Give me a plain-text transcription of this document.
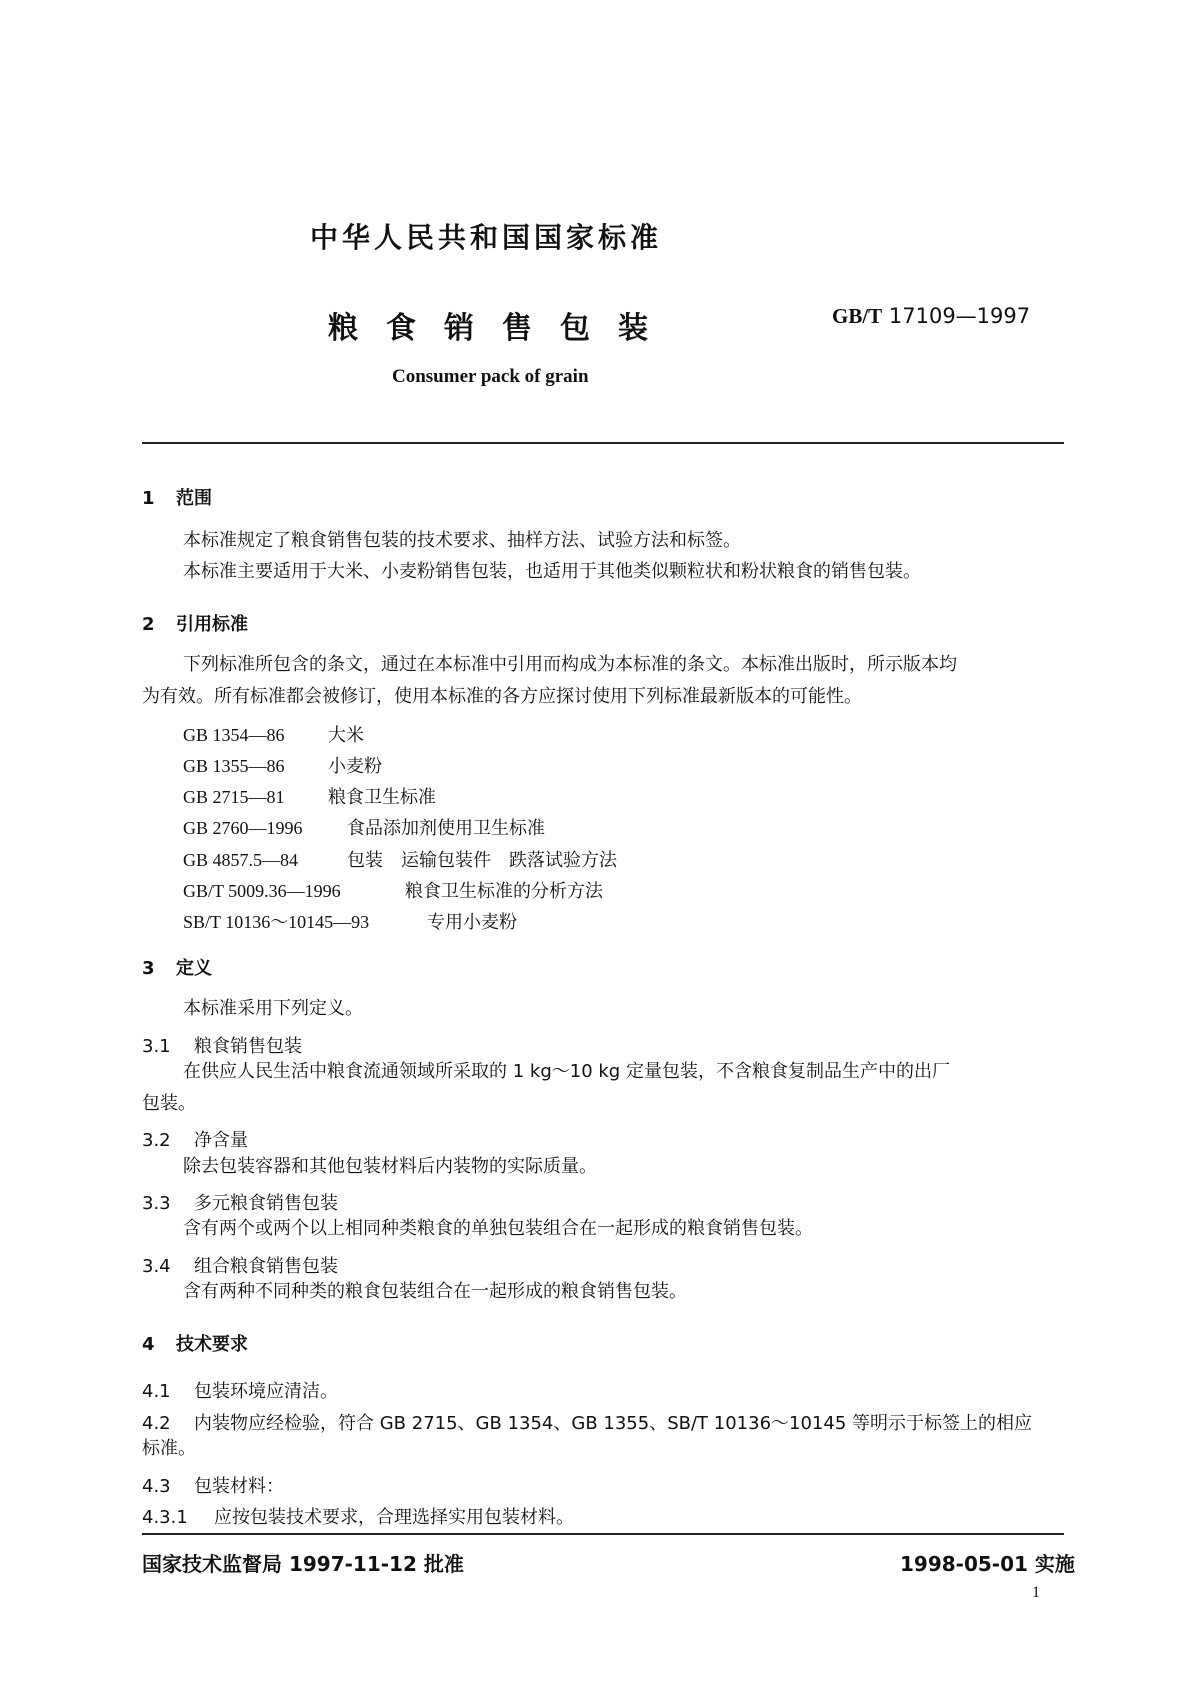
中华人民共和国国家标准
粮食销售包装	GB/T 17109—1997
Consumer pack of grain
1 范围
本标准规定了粮食销售包装的技术要求、抽样方法、试验方法和标签。
本标准主要适用于大米、小麦粉销售包装，也适用于其他类似颗粒状和粉状粮食的销售包装。
2 引用标准
下列标准所包含的条文，通过在本标准中引用而构成为本标准的条文。本标准出版时，所示版本均
为有效。所有标准都会被修订，使用本标准的各方应探讨使用下列标准最新版本的可能性。
GB 1354—86 大米
GB 1355—86 小麦粉
GB 2715—81 粮食卫生标准
GB 2760—1996 食品添加剂使用卫生标准
GB 4857.5—84	包装　运输包装件　跌落试验方法
GB/T 5009.36—1996	粮食卫生标准的分析方法
SB/T 10136～10145—93	专用小麦粉
3 定义
本标准采用下列定义。
3.1 粮食销售包装
在供应人民生活中粮食流通领域所采取的 1 kg～10 kg 定量包装，不含粮食复制品生产中的出厂
包装。
3.2 净含量
除去包装容器和其他包装材料后内装物的实际质量。
3.3 多元粮食销售包装
含有两个或两个以上相同种类粮食的单独包装组合在一起形成的粮食销售包装。
3.4 组合粮食销售包装
含有两种不同种类的粮食包装组合在一起形成的粮食销售包装。
4 技术要求
4.1 包装环境应清洁。
4.2 内装物应经检验，符合 GB 2715、GB 1354、GB 1355、SB/T 10136～10145 等明示于标签上的相应
标准。
4.3 包装材料：
4.3.1 应按包装技术要求，合理选择实用包装材料。
国家技术监督局 1997-11-12 批准	1998-05-01 实施
1
